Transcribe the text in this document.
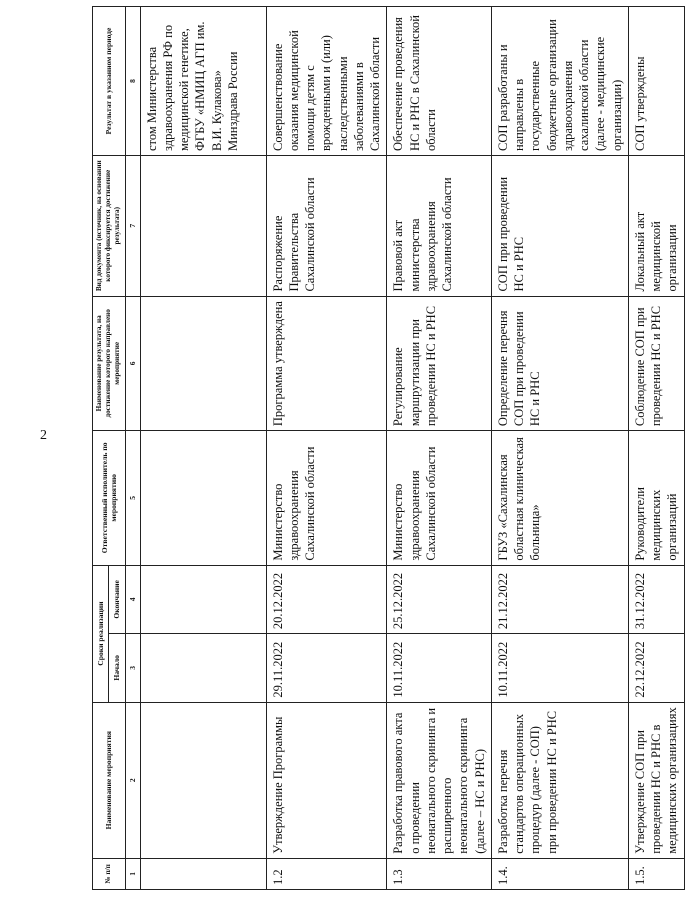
2
№ п/п	Наименование мероприятия	Сроки реализации		Ответственный исполнитель по мероприятию	Наименование результата, на достижение которого направлено мероприятие	Вид документа (источник, на основании которого фиксируется достижение результата)	Результат в указанном периоде
		Начало	Окончание				
1	2	3	4	5	6	7	8
							стом Министерства здравоохранения РФ по медицинской генетике, ФГБУ «НМИЦ АГП им. В.И. Кулакова» Минздрава России
1.2	Утверждение Программы	29.11.2022	20.12.2022	Министерство здравоохранения Сахалинской области	Программа утверждена	Распоряжение Правительства Сахалинской области	Совершенствование оказания медицинской помощи детям с врожденными и (или) наследственными заболеваниями в Сахалинской области
1.3	Разработка правового акта о проведении неонатального скрининга и расширенного неонатального скрининга (далее – НС и РНС)	10.11.2022	25.12.2022	Министерство здравоохранения Сахалинской области	Регулирование маршрутизации при проведении НС и РНС	Правовой акт министерства здравоохранения Сахалинской области	Обеспечение проведения НС и РНС в Сахалинской области
1.4.	Разработка перечня стандартов операционных процедур (далее - СОП) при проведении НС и РНС	10.11.2022	21.12.2022	ГБУЗ «Сахалинская областная клиническая больница»	Определение перечня СОП при проведении НС и РНС	СОП при проведении НС и РНС	СОП разработаны и направлены в государственные бюджетные организации здравоохранения сахалинской области (далее - медицинские организации)
1.5.	Утверждение СОП при проведении НС и РНС в медицинских организациях	22.12.2022	31.12.2022	Руководители медицинских организаций	Соблюдение СОП при проведении НС и РНС	Локальный акт медицинской организации	СОП утверждены
